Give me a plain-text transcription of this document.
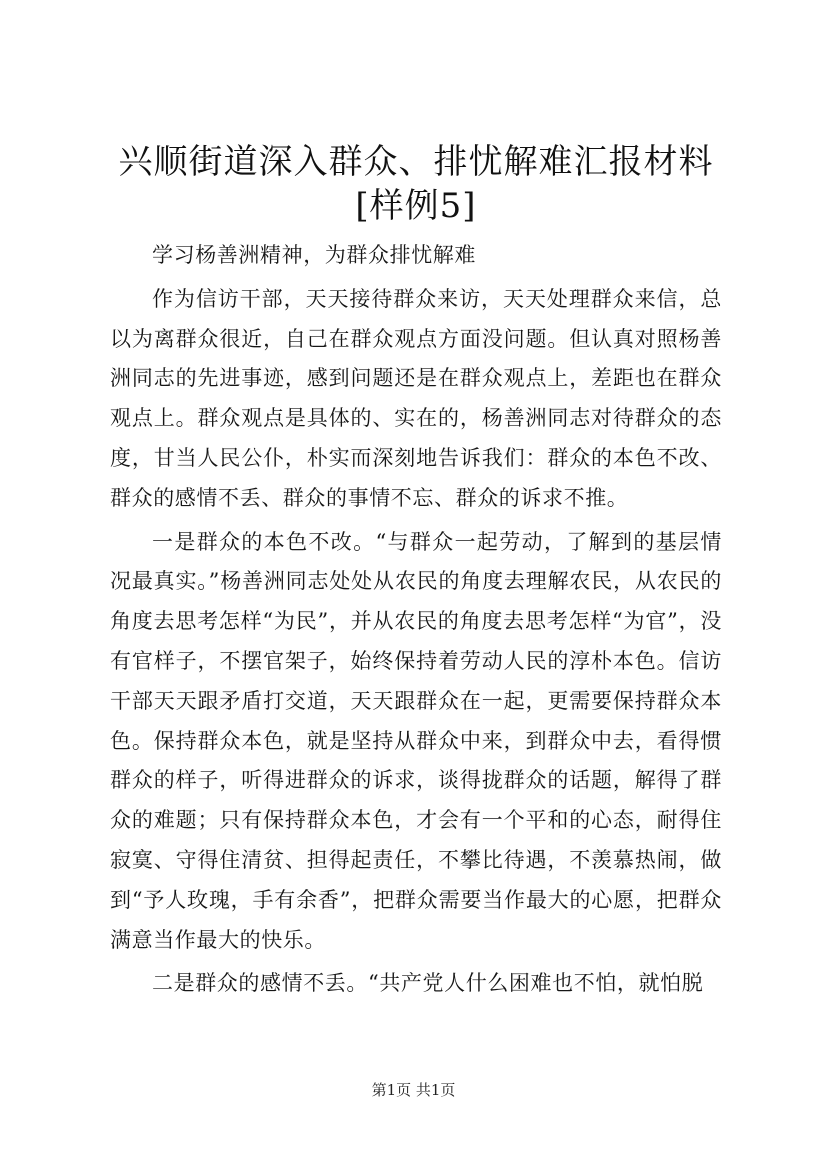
兴顺街道深入群众、排忧解难汇报材料[样例5]

学习杨善洲精神，为群众排忧解难

作为信访干部，天天接待群众来访，天天处理群众来信，总以为离群众很近，自己在群众观点方面没问题。但认真对照杨善洲同志的先进事迹，感到问题还是在群众观点上，差距也在群众观点上。群众观点是具体的、实在的，杨善洲同志对待群众的态度，甘当人民公仆，朴实而深刻地告诉我们：群众的本色不改、群众的感情不丢、群众的事情不忘、群众的诉求不推。

一是群众的本色不改。“与群众一起劳动，了解到的基层情况最真实。”杨善洲同志处处从农民的角度去理解农民，从农民的角度去思考怎样“为民”，并从农民的角度去思考怎样“为官”，没有官样子，不摆官架子，始终保持着劳动人民的淳朴本色。信访干部天天跟矛盾打交道，天天跟群众在一起，更需要保持群众本色。保持群众本色，就是坚持从群众中来，到群众中去，看得惯群众的样子，听得进群众的诉求，谈得拢群众的话题，解得了群众的难题；只有保持群众本色，才会有一个平和的心态，耐得住寂寞、守得住清贫、担得起责任，不攀比待遇，不羡慕热闹，做到“予人玫瑰，手有余香”，把群众需要当作最大的心愿，把群众满意当作最大的快乐。

二是群众的感情不丢。“共产党人什么困难也不怕，就怕脱

第1页 共1页
